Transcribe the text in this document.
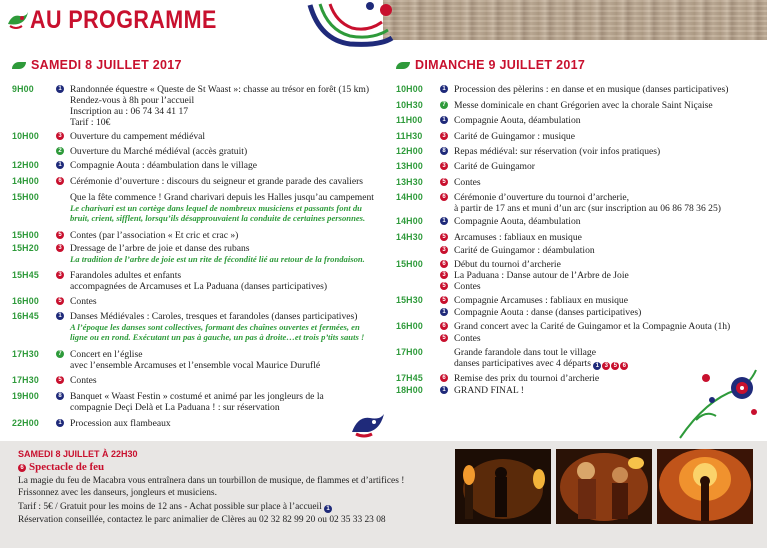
AU PROGRAMME
SAMEDI 8 JUILLET 2017	DIMANCHE 9 JUILLET 2017
9H00	1 Randonnée équestre « Queste de St Waast »: chasse au trésor en forêt (15 km)
Rendez-vous à 8h pour l’accueil
Inscription au : 06 74 34 41 17
Tarif : 10€
10H00	3 Ouverture du campement médiéval
2 Ouverture du Marché médiéval (accès gratuit)
12H00	1 Compagnie Aouta : déambulation dans le village
14H00	6 Cérémonie d’ouverture : discours du seigneur et grande parade des cavaliers
15H00	Que la fête commence ! Grand charivari depuis les Halles jusqu’au campement
Le charivari est un cortège dans lequel de nombreux musiciens et passants font du
bruit, crient, sifflent, lorsqu’ils désapprouvaient la conduite de certaines personnes.
15H00	5 Contes (par l’association « Et cric et crac »)
15H20	3 Dressage de l’arbre de joie et danse des rubans
La tradition de l’arbre de joie est un rite de fécondité lié au retour de la frondaison.
15H45	3 Farandoles adultes et enfants
accompagnées de Arcamuses et La Paduana (danses participatives)
16H00	5 Contes
16H45	1 Danses Médiévales : Caroles, tresques et farandoles (danses participatives)
A l’époque les danses sont collectives, formant des chaînes ouvertes et fermées, en
ligne ou en rond. Exécutant un pas à gauche, un pas à droite…et trois p’tits sauts !
17H30	7 Concert en l’église
avec l’ensemble Arcamuses et l’ensemble vocal Maurice Duruflé
17H30	5 Contes
19H00	8 Banquet « Waast Festin » costumé et animé par les jongleurs de la
compagnie Deçi Delà et La Paduana ! : sur réservation
22H00	1 Procession aux flambeaux
10H00	1 Procession des pèlerins : en danse et en musique (danses participatives)
10H30	7 Messe dominicale en chant Grégorien avec la chorale Saint Niçaise
11H00	1 Compagnie Aouta, déambulation
11H30	3 Carité de Guingamor : musique
12H00	8 Repas médiéval: sur réservation (voir infos pratiques)
13H00	3 Carité de Guingamor
13H30	5 Contes
14H00	6 Cérémonie d’ouverture du tournoi d’archerie,
à partir de 17 ans et muni d’un arc (sur inscription au 06 86 78 36 25)
14H00	1 Compagnie Aouta, déambulation
14H30	5 Arcamuses : fabliaux en musique
3 Carité de Guingamor : déambulation
15H00	6 Début du tournoi d’archerie
3 La Paduana : Danse autour de l’Arbre de Joie
5 Contes
15H30	5 Compagnie Arcamuses : fabliaux en musique
1 Compagnie Aouta : danse (danses participatives)
16H00	6 Grand concert avec la Carité de Guingamor et la Compagnie Aouta (1h)
5 Contes
17H00	Grande farandole dans tout le village
danses participatives avec 4 départs 1 3 5 6
17H45	6 Remise des prix du tournoi d’archerie
18H00	1 GRAND FINAL !
SAMEDI 8 JUILLET À 22H30
6 Spectacle de feu
La magie du feu de Macabra vous entraînera dans un tourbillon de musique, de flammes et d’artifices !
Frissonnez avec les danseurs, jongleurs et musiciens.
Tarif : 5€ / Gratuit pour les moins de 12 ans - Achat possible sur place à l’accueil 1
Réservation conseillée, contactez le parc animalier de Clères au 02 32 82 99 20 ou 02 35 33 23 08
